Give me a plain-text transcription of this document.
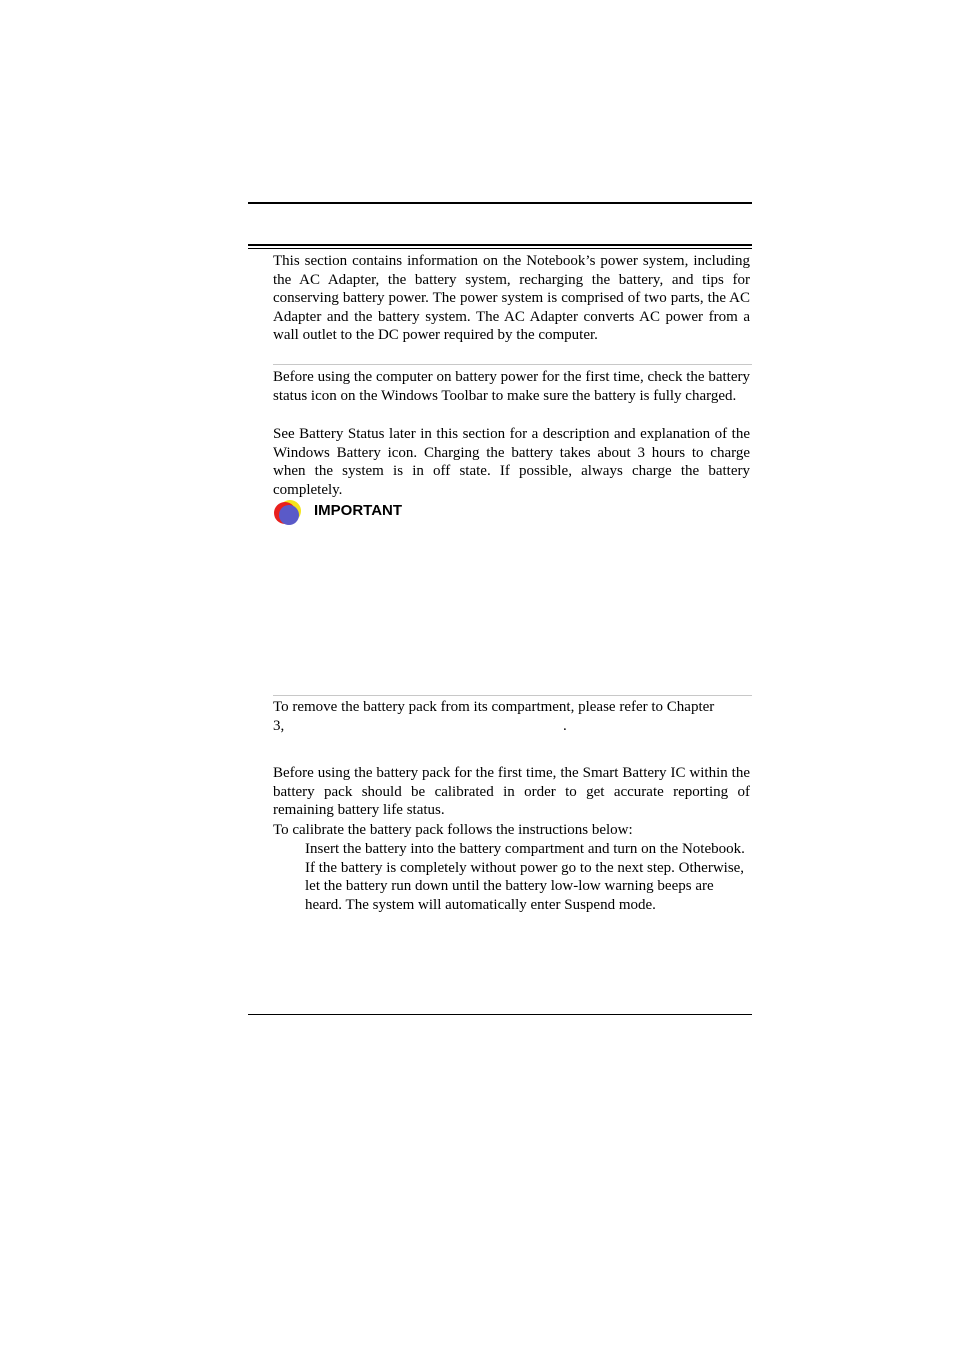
This section contains information on the Notebook’s power system, including the AC Adapter, the battery system, recharging the battery, and tips for conserving battery power. The power system is comprised of two parts, the AC Adapter and the battery system. The AC Adapter converts AC power from a wall outlet to the DC power required by the computer.

Before using the computer on battery power for the first time, check the battery status icon on the Windows Toolbar to make sure the battery is fully charged.

See Battery Status later in this section for a description and explanation of the Windows Battery icon. Charging the battery takes about 3 hours to charge when the system is in off state. If possible, always charge the battery completely.

IMPORTANT

To remove the battery pack from its compartment, please refer to Chapter

3,	.

Before using the battery pack for the first time, the Smart Battery IC within the battery pack should be calibrated in order to get accurate reporting of remaining battery life status.

To calibrate the battery pack follows the instructions below:

Insert the battery into the battery compartment and turn on the Notebook. If the battery is completely without power go to the next step. Otherwise, let the battery run down until the battery low-low warning beeps are heard. The system will automatically enter Suspend mode.
